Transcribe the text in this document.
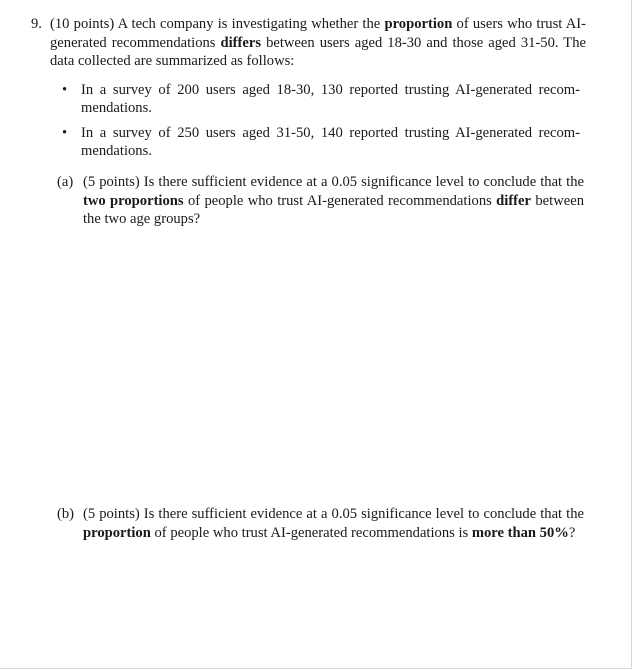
9. (10 points) A tech company is investigating whether the proportion of users who trust AI-generated recommendations differs between users aged 18-30 and those aged 31-50. The data collected are summarized as follows:
• In a survey of 200 users aged 18-30, 130 reported trusting AI-generated recom- mendations.
• In a survey of 250 users aged 31-50, 140 reported trusting AI-generated recom- mendations.
(a) (5 points) Is there sufficient evidence at a 0.05 significance level to conclude that the two proportions of people who trust AI-generated recommendations differ between the two age groups?
(b) (5 points) Is there sufficient evidence at a 0.05 significance level to conclude that the proportion of people who trust AI-generated recommendations is more than 50%?
